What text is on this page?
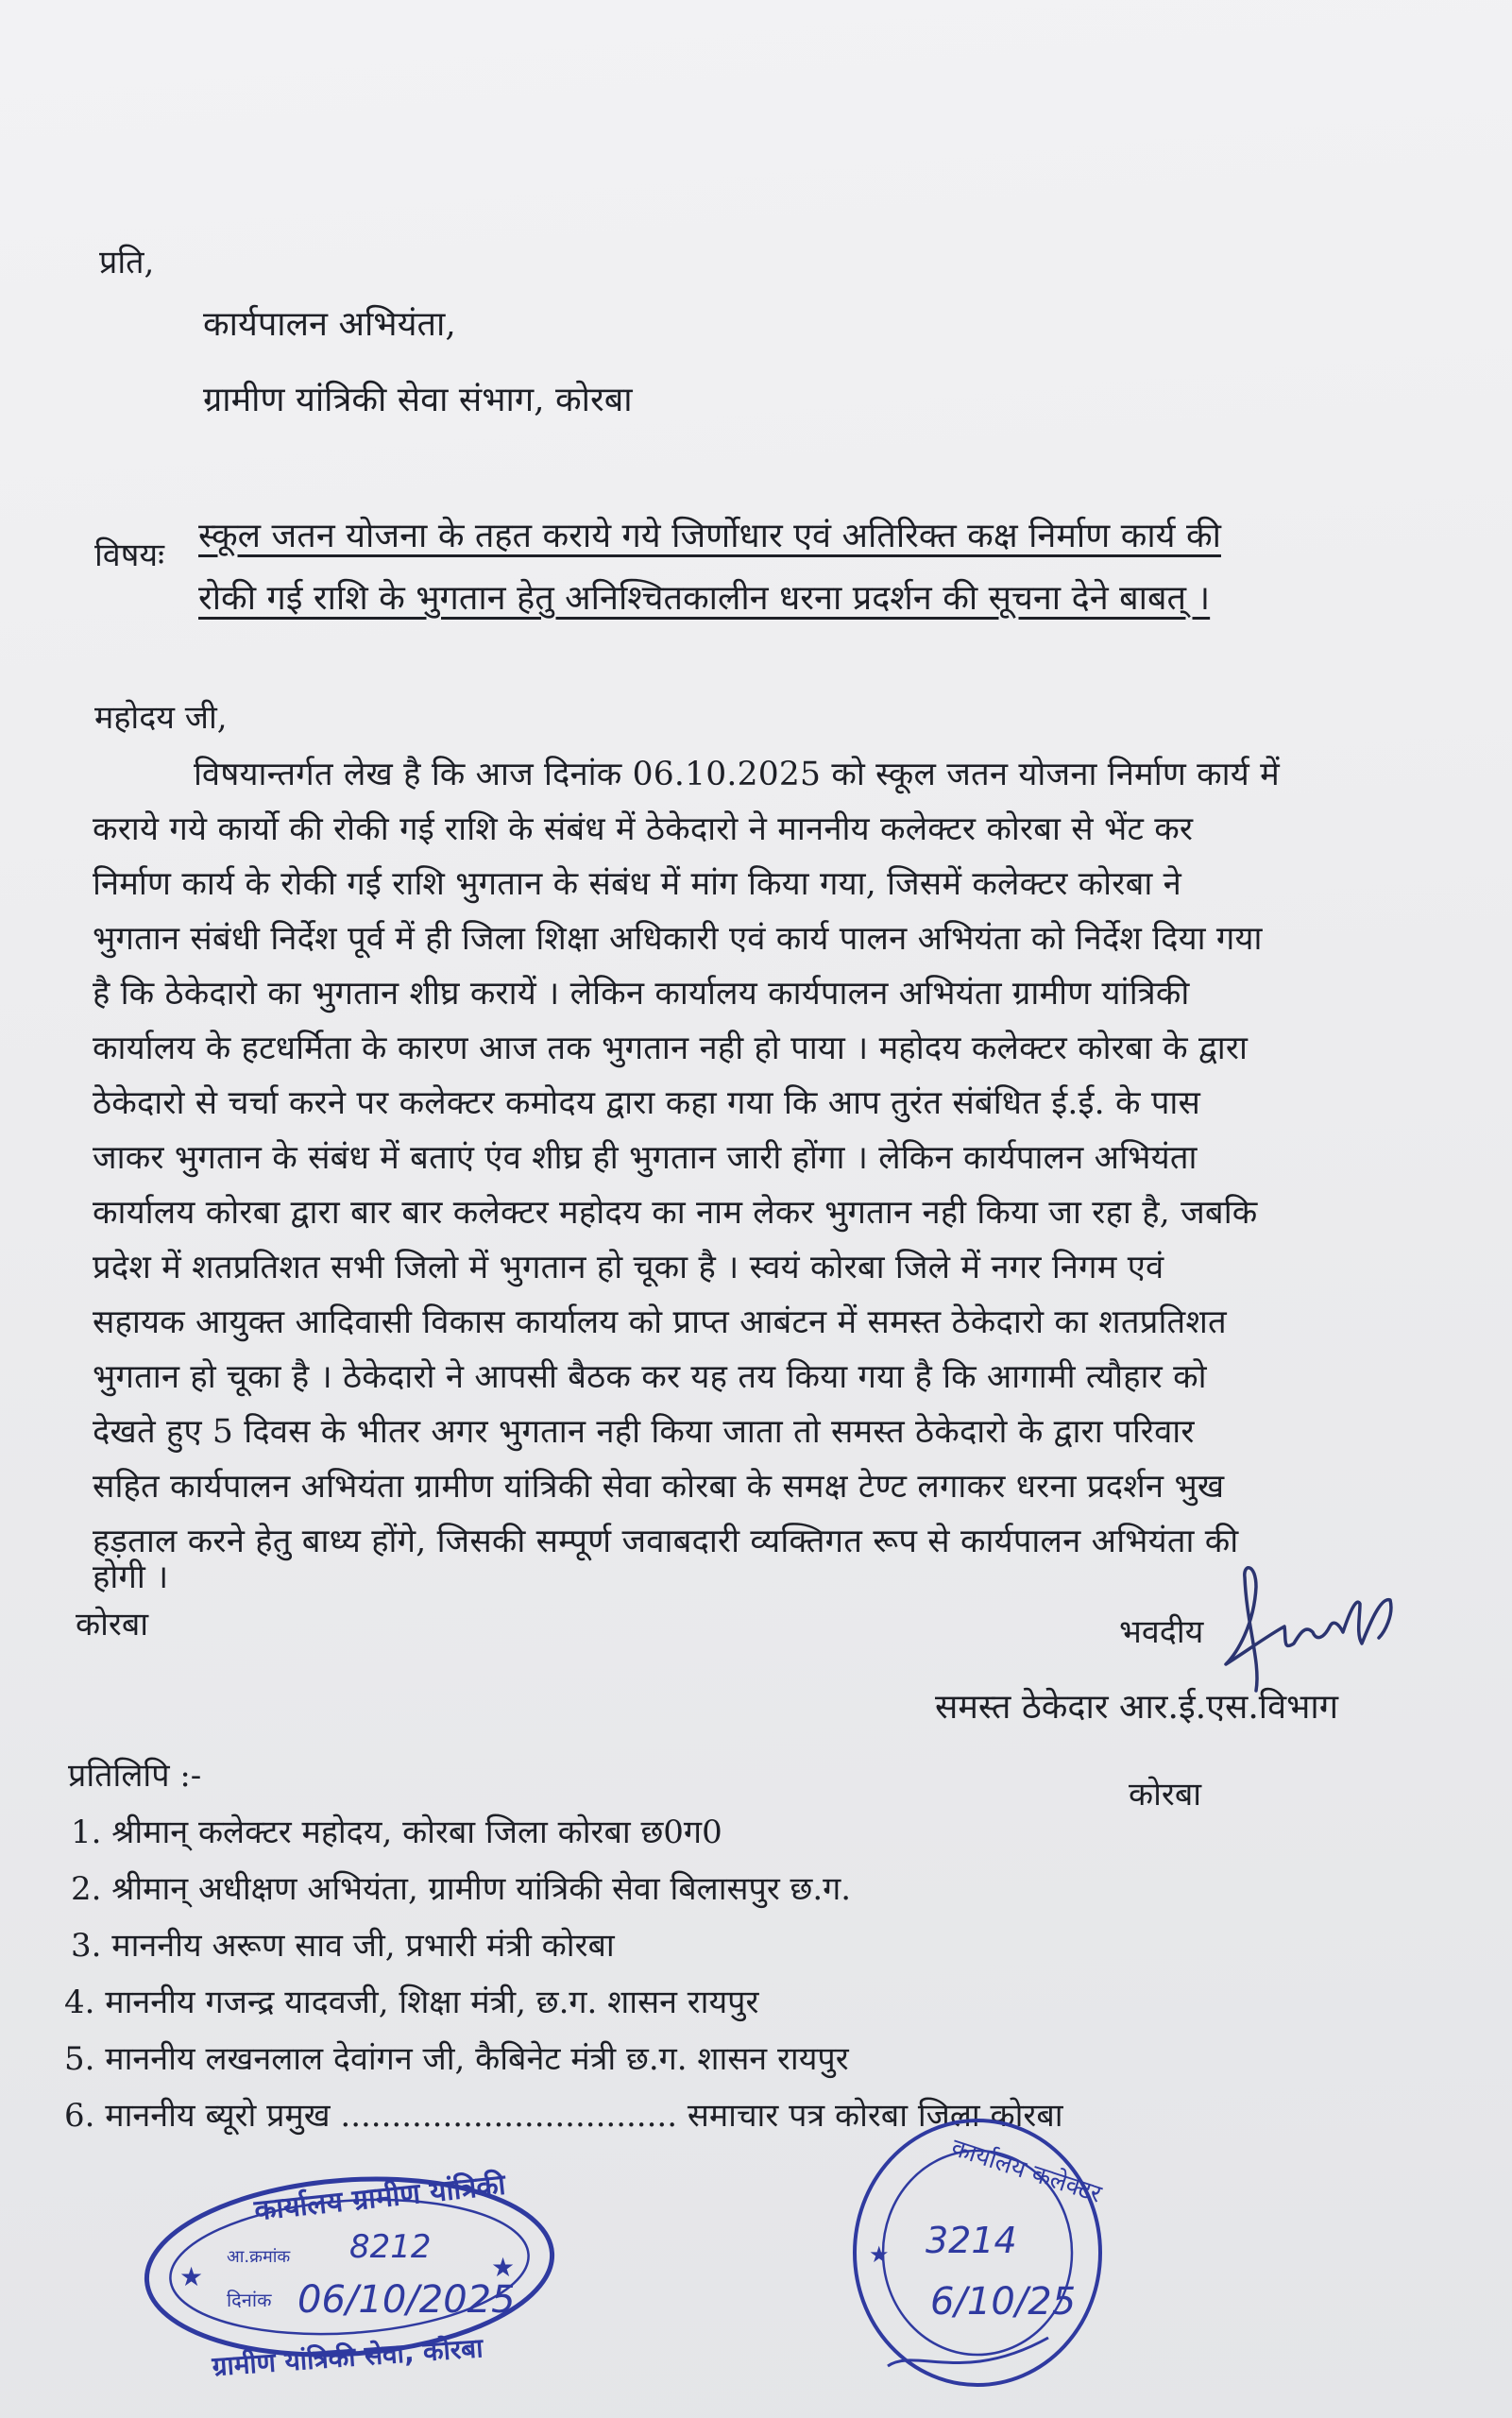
प्रति,
कार्यपालन अभियंता,
ग्रामीण यांत्रिकी सेवा संभाग, कोरबा
विषयः स्कूल जतन योजना के तहत कराये गये जिर्णोधार एवं अतिरिक्त कक्ष निर्माण कार्य की
रोकी गई राशि के भुगतान हेतु अनिश्चितकालीन धरना प्रदर्शन की सूचना देने बाबत् ।
महोदय जी,
विषयान्तर्गत लेख है कि आज दिनांक 06.10.2025 को स्कूल जतन योजना निर्माण कार्य में
कराये गये कार्यो की रोकी गई राशि के संबंध में ठेकेदारो ने माननीय कलेक्टर कोरबा से भेंट कर
निर्माण कार्य के रोकी गई राशि भुगतान के संबंध में मांग किया गया, जिसमें कलेक्टर कोरबा ने
भुगतान संबंधी निर्देश पूर्व में ही जिला शिक्षा अधिकारी एवं कार्य पालन अभियंता को निर्देश दिया गया
है कि ठेकेदारो का भुगतान शीघ्र करायें । लेकिन कार्यालय कार्यपालन अभियंता ग्रामीण यांत्रिकी
कार्यालय के हटधर्मिता के कारण आज तक भुगतान नही हो पाया । महोदय कलेक्टर कोरबा के द्वारा
ठेकेदारो से चर्चा करने पर कलेक्टर कमोदय द्वारा कहा गया कि आप तुरंत संबंधित ई.ई. के पास
जाकर भुगतान के संबंध में बताएं एंव शीघ्र ही भुगतान जारी होंगा । लेकिन कार्यपालन अभियंता
कार्यालय कोरबा द्वारा बार बार कलेक्टर महोदय का नाम लेकर भुगतान नही किया जा रहा है, जबकि
प्रदेश में शतप्रतिशत सभी जिलो में भुगतान हो चूका है । स्वयं कोरबा जिले में नगर निगम एवं
सहायक आयुक्त आदिवासी विकास कार्यालय को प्राप्त आबंटन में समस्त ठेकेदारो का शतप्रतिशत
भुगतान हो चूका है । ठेकेदारो ने आपसी बैठक कर यह तय किया गया है कि आगामी त्यौहार को
देखते हुए 5 दिवस के भीतर अगर भुगतान नही किया जाता तो समस्त ठेकेदारो के द्वारा परिवार
सहित कार्यपालन अभियंता ग्रामीण यांत्रिकी सेवा कोरबा के समक्ष टेण्ट लगाकर धरना प्रदर्शन भुख
हड़ताल करने हेतु बाध्य होंगे, जिसकी सम्पूर्ण जवाबदारी व्यक्तिगत रूप से कार्यपालन अभियंता की
होगी ।
कोरबा	भवदीय
समस्त ठेकेदार आर.ई.एस.विभाग
कोरबा
प्रतिलिपि :-
1. श्रीमान् कलेक्टर महोदय, कोरबा जिला कोरबा छ0ग0
2. श्रीमान् अधीक्षण अभियंता, ग्रामीण यांत्रिकी सेवा बिलासपुर छ.ग.
3. माननीय अरूण साव जी, प्रभारी मंत्री कोरबा
4. माननीय गजन्द्र यादवजी, शिक्षा मंत्री, छ.ग. शासन रायपुर
5. माननीय लखनलाल देवांगन जी, कैबिनेट मंत्री छ.ग. शासन रायपुर
6. माननीय ब्यूरो प्रमुख ................................. समाचार पत्र कोरबा जिला कोरबा
★	★
कार्यालय ग्रामीण यांत्रिकी
आ.क्रमांक 8212
दिनांक 06/10/2025
ग्रामीण यांत्रिकी सेवा, कोरबा
कार्यालय कलेक्टर
★ 3214
6/10/25
